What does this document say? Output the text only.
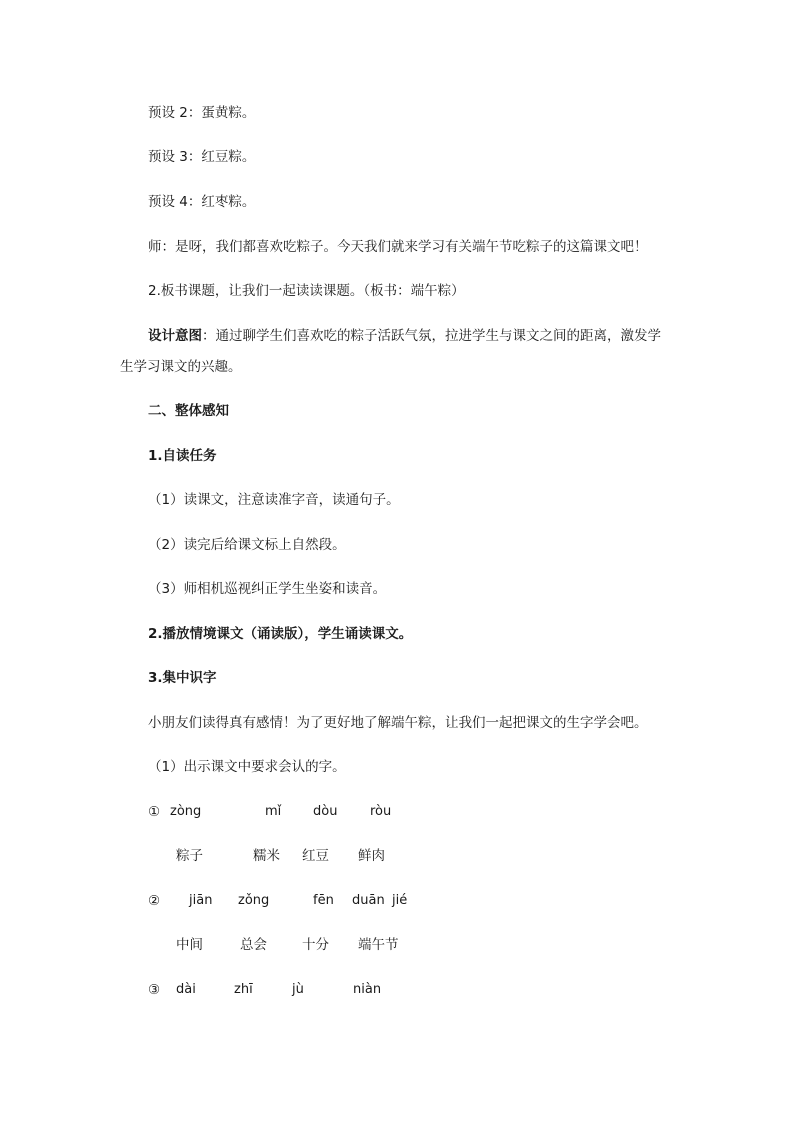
预设 2：蛋黄粽。
预设 3：红豆粽。
预设 4：红枣粽。
师：是呀，我们都喜欢吃粽子。今天我们就来学习有关端午节吃粽子的这篇课文吧！
2.板书课题，让我们一起读读课题。（板书：端午粽）
设计意图：通过聊学生们喜欢吃的粽子活跃气氛，拉进学生与课文之间的距离，激发学
生学习课文的兴趣。
二、整体感知
1.自读任务
（1）读课文，注意读准字音，读通句子。
（2）读完后给课文标上自然段。
（3）师相机巡视纠正学生坐姿和读音。
2.播放情境课文（诵读版），学生诵读课文。
3.集中识字
小朋友们读得真有感情！为了更好地了解端午粽，让我们一起把课文的生字学会吧。
（1）出示课文中要求会认的字。
① zòng	mǐ dòu	ròu
粽子	糯米 红豆 鲜肉
② jiān zǒng	fēn duān jié
中间	总会	十分 端午节
③ dài	zhī	jù	niàn
